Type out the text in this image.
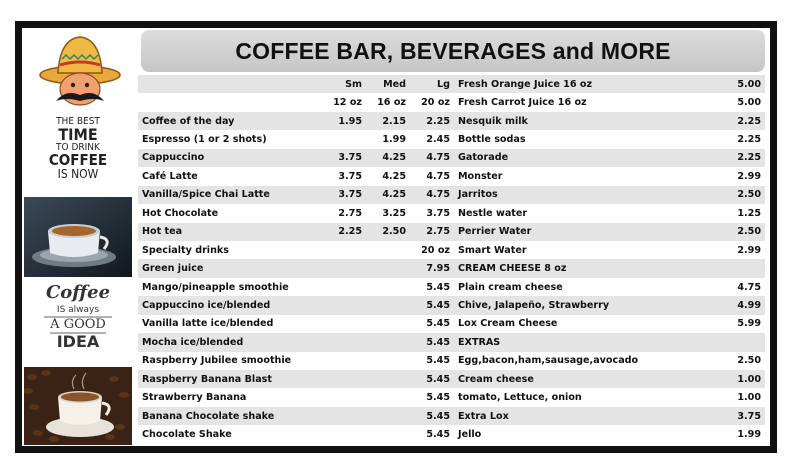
THE BEST
TIME
TO DRINK
COFFEE
IS NOW
Coffee
IS always
A GOOD
IDEA
COFFEE BAR, BEVERAGES and MORE
	Sm	Med	Lg
	12 oz	16 oz	20 oz
Coffee of the day	1.95	2.15	2.25
Espresso (1 or 2 shots)		1.99	2.45
Cappuccino	3.75	4.25	4.75
Café Latte	3.75	4.25	4.75
Vanilla/Spice Chai Latte	3.75	4.25	4.75
Hot Chocolate	2.75	3.25	3.75
Hot tea	2.25	2.50	2.75
Specialty drinks			20 oz
Green juice			7.95
Mango/pineapple smoothie			5.45
Cappuccino ice/blended			5.45
Vanilla latte ice/blended			5.45
Mocha ice/blended			5.45
Raspberry Jubilee smoothie			5.45
Raspberry Banana Blast			5.45
Strawberry Banana			5.45
Banana Chocolate shake			5.45
Chocolate Shake			5.45
Fresh Orange Juice 16 oz	5.00
Fresh Carrot Juice 16 oz	5.00
Nesquik milk	2.25
Bottle sodas	2.25
Gatorade	2.25
Monster	2.99
Jarritos	2.50
Nestle water	1.25
Perrier Water	2.50
Smart Water	2.99
CREAM CHEESE 8 oz	
Plain cream cheese	4.75
Chive, Jalapeño, Strawberry	4.99
Lox Cream Cheese	5.99
EXTRAS	
Egg,bacon,ham,sausage,avocado	2.50
Cream cheese	1.00
tomato, Lettuce, onion	1.00
Extra Lox	3.75
Jello	1.99
